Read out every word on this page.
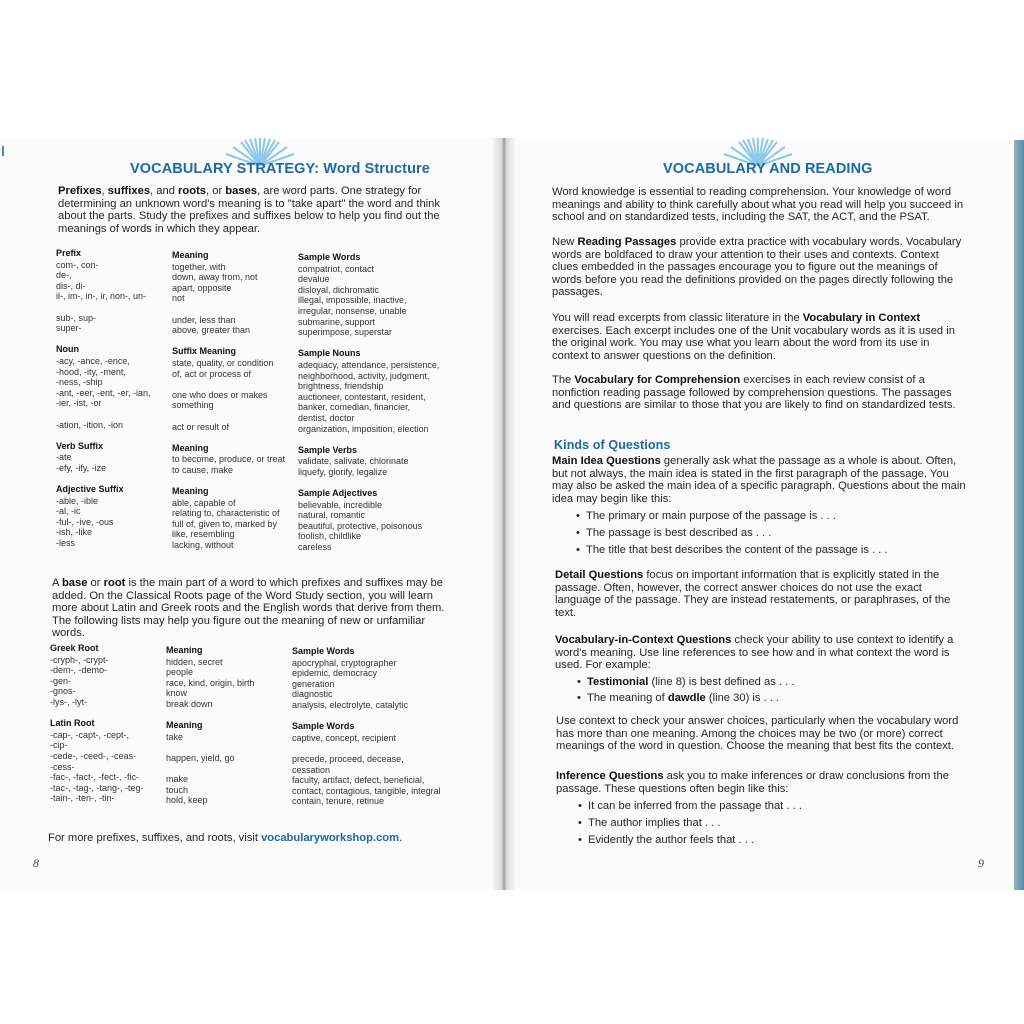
VOCABULARY STRATEGY: Word Structure
Prefixes, suffixes, and roots, or bases, are word parts. One strategy for determining an unknown word's meaning is to "take apart" the word and think about the parts. Study the prefixes and suffixes below to help you find out the meanings of words in which they appear.
Prefix
com-, con-
de-,
dis-, di-
il-, im-, in-, ir, non-, un-
sub-, sup-
super-
Noun
-acy, -ance, -ence,
-hood, -ity, -ment,
-ness, -ship
-ant, -eer, -ent, -er, -ian,
-ier, -ist, -or
-ation, -ition, -ion
Verb Suffix
-ate
-efy, -ify, -ize
Adjective Suffix
-able, -ible
-al, -ic
-ful-, -ive, -ous
-ish, -like
-less
Meaning
together, with
down, away from, not
apart, opposite
not
under, less than
above, greater than
Suffix Meaning
state, quality, or condition
of, act or process of
one who does or makes
something
act or result of
Meaning
to become, produce, or treat
to cause, make
Meaning
able, capable of
relating to, characteristic of
full of, given to, marked by
like, resembling
lacking, without
Sample Words
compatriot, contact
devalue
disloyal, dichromatic
illegal, impossible, inactive,
irregular, nonsense, unable
submarine, support
superimpose, superstar
Sample Nouns
adequacy, attendance, persistence,
neighborhood, activity, judgment,
brightness, friendship
auctioneer, contestant, resident,
banker, comedian, financier,
dentist, doctor
organization, imposition, election
Sample Verbs
validate, salivate, chlorinate
liquefy, glorify, legalize
Sample Adjectives
believable, incredible
natural, romantic
beautiful, protective, poisonous
foolish, childlike
careless
A base or root is the main part of a word to which prefixes and suffixes may be added. On the Classical Roots page of the Word Study section, you will learn more about Latin and Greek roots and the English words that derive from them. The following lists may help you figure out the meaning of new or unfamiliar words.
Greek Root
-cryph-, -crypt-
-dem-, -demo-
-gen-
-gnos-
-lys-, -lyt-
Latin Root
-cap-, -capt-, -cept-,
-cip-
-cede-, -ceed-, -ceas-
-cess-
-fac-, -fact-, -fect-, -fic-
-tac-, -tag-, -tang-, -teg-
-tain-, -ten-, -tin-
Meaning
hidden, secret
people
race, kind, origin, birth
know
break down
Meaning
take
happen, yield, go
make
touch
hold, keep
Sample Words
apocryphal, cryptographer
epidemic, democracy
generation
diagnostic
analysis, electrolyte, catalytic
Sample Words
captive, concept, recipient
precede, proceed, decease,
cessation
faculty, artifact, defect, beneficial,
contact, contagious, tangible, integral
contain, tenure, retinue
For more prefixes, suffixes, and roots, visit vocabularyworkshop.com.
8
VOCABULARY AND READING
Word knowledge is essential to reading comprehension. Your knowledge of word meanings and ability to think carefully about what you read will help you succeed in school and on standardized tests, including the SAT, the ACT, and the PSAT.
New Reading Passages provide extra practice with vocabulary words. Vocabulary words are boldfaced to draw your attention to their uses and contexts. Context clues embedded in the passages encourage you to figure out the meanings of words before you read the definitions provided on the pages directly following the passages.
You will read excerpts from classic literature in the Vocabulary in Context exercises. Each excerpt includes one of the Unit vocabulary words as it is used in the original work. You may use what you learn about the word from its use in context to answer questions on the definition.
The Vocabulary for Comprehension exercises in each review consist of a nonfiction reading passage followed by comprehension questions. The passages and questions are similar to those that you are likely to find on standardized tests.
Kinds of Questions
Main Idea Questions generally ask what the passage as a whole is about. Often, but not always, the main idea is stated in the first paragraph of the passage. You may also be asked the main idea of a specific paragraph. Questions about the main idea may begin like this:
• The primary or main purpose of the passage is . . .
• The passage is best described as . . .
• The title that best describes the content of the passage is . . .
Detail Questions focus on important information that is explicitly stated in the passage. Often, however, the correct answer choices do not use the exact language of the passage. They are instead restatements, or paraphrases, of the text.
Vocabulary-in-Context Questions check your ability to use context to identify a word's meaning. Use line references to see how and in what context the word is used. For example:
• Testimonial (line 8) is best defined as . . .
• The meaning of dawdle (line 30) is . . .
Use context to check your answer choices, particularly when the vocabulary word has more than one meaning. Among the choices may be two (or more) correct meanings of the word in question. Choose the meaning that best fits the context.
Inference Questions ask you to make inferences or draw conclusions from the passage. These questions often begin like this:
• It can be inferred from the passage that . . .
• The author implies that . . .
• Evidently the author feels that . . .
9
